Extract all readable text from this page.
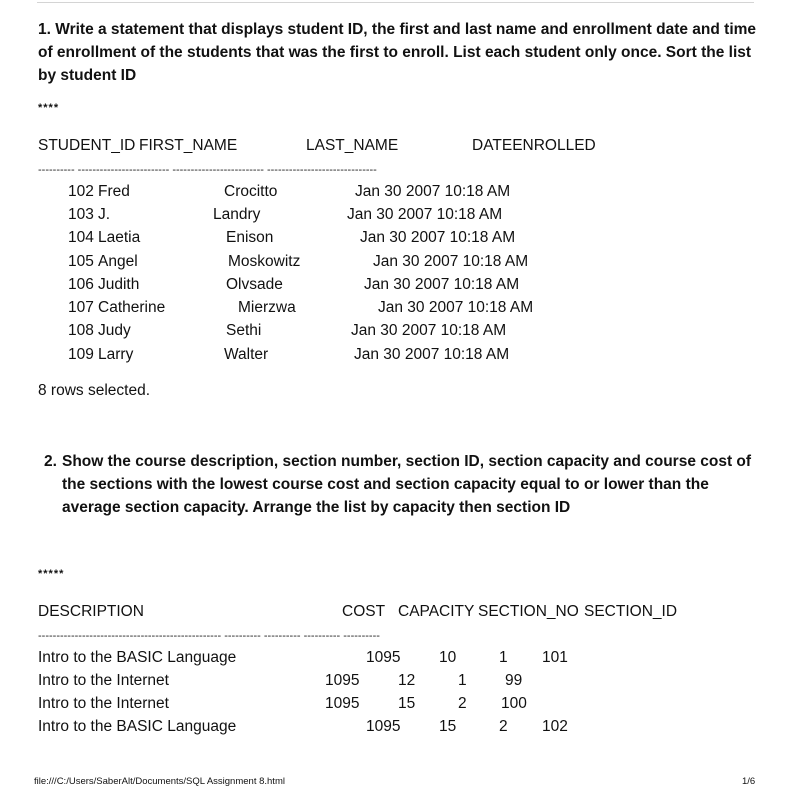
1. Write a statement that displays student ID, the first and last name and enrollment date and time of enrollment of the students that was the first to enroll. List each student only once. Sort the list by student ID
****
STUDENT_ID FIRST_NAME	LAST_NAME	DATEENROLLED
---------- ------------------------- ------------------------- ------------------------------
102 Fred	Crocitto	Jan 30 2007 10:18 AM
103 J.	Landry	Jan 30 2007 10:18 AM
104 Laetia	Enison	Jan 30 2007 10:18 AM
105 Angel	Moskowitz	Jan 30 2007 10:18 AM
106 Judith	Olvsade	Jan 30 2007 10:18 AM
107 Catherine	Mierzwa	Jan 30 2007 10:18 AM
108 Judy	Sethi	Jan 30 2007 10:18 AM
109 Larry	Walter	Jan 30 2007 10:18 AM
8 rows selected.
2. Show the course description, section number, section ID, section capacity and course cost of the sections with the lowest course cost and section capacity equal to or lower than the average section capacity. Arrange the list by capacity then section ID
*****
DESCRIPTION	COST CAPACITY SECTION_NO SECTION_ID
-------------------------------------------------- ---------- ---------- ---------- ----------
Intro to the BASIC Language	1095 10	1 101
Intro to the Internet	1095 12	1 99
Intro to the Internet	1095 15	2 100
Intro to the BASIC Language	1095 15	2 102
file:///C:/Users/SaberAlt/Documents/SQL Assignment 8.html	1/6
